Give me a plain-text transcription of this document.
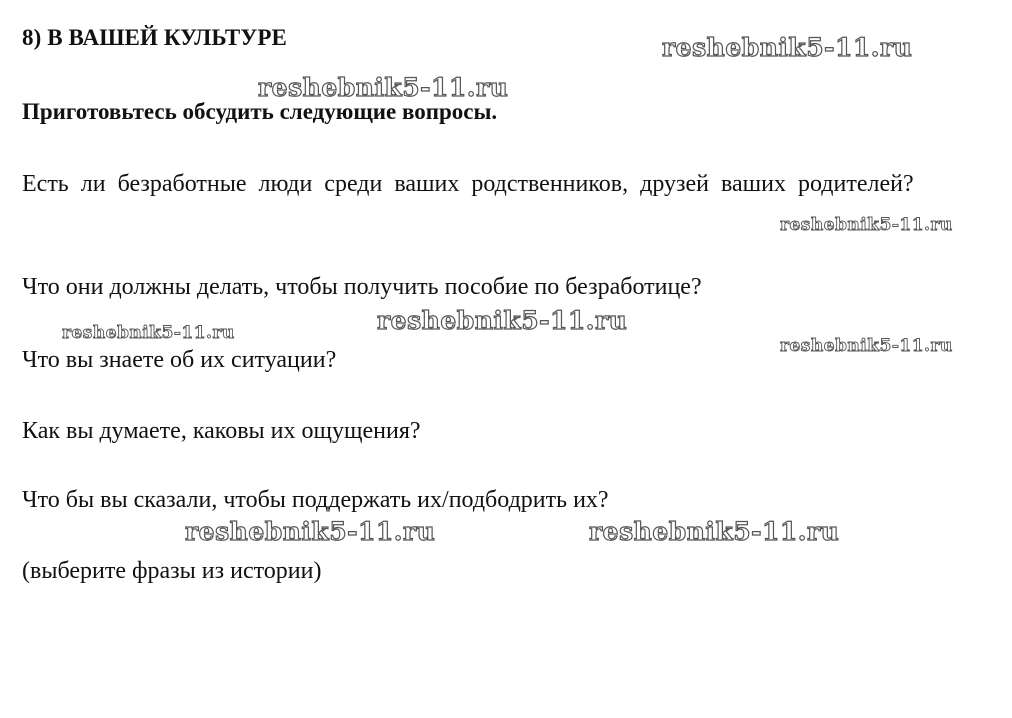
8) В ВАШЕЙ КУЛЬТУРЕ
Приготовьтесь обсудить следующие вопросы.
Есть ли безработные люди среди ваших родственников, друзей ваших родителей?
Что они должны делать, чтобы получить пособие по безработице?
Что вы знаете об их ситуации?
Как вы думаете, каковы их ощущения?
Что бы вы сказали, чтобы поддержать их/подбодрить их?
(выберите фразы из истории)
reshebnik5-11.ru
reshebnik5-11.ru
reshebnik5-11.ru
reshebnik5-11.ru
reshebnik5-11.ru
reshebnik5-11.ru
reshebnik5-11.ru	reshebnik5-11.ru
